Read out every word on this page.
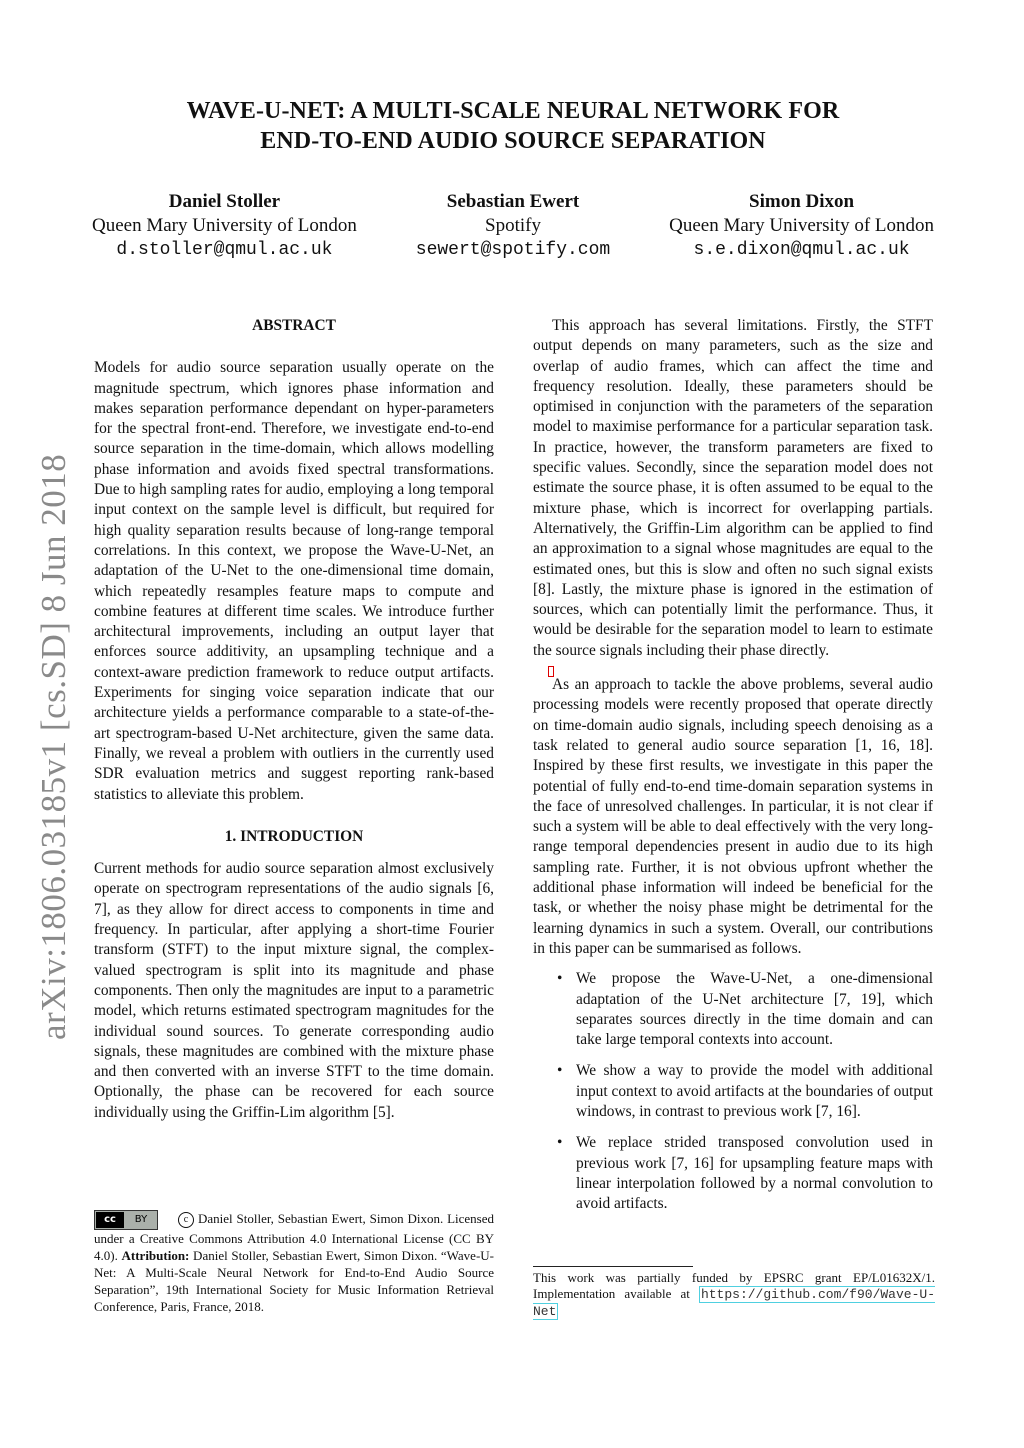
arXiv:1806.03185v1 [cs.SD] 8 Jun 2018
WAVE-U-NET: A MULTI-SCALE NEURAL NETWORK FOR
END-TO-END AUDIO SOURCE SEPARATION
Daniel Stoller
Queen Mary University of London
d.stoller@qmul.ac.uk
Sebastian Ewert
Spotify
sewert@spotify.com
Simon Dixon
Queen Mary University of London
s.e.dixon@qmul.ac.uk

ABSTRACT

Models for audio source separation usually operate on the magnitude spectrum, which ignores phase information and makes separation performance dependant on hyper-parameters for the spectral front-end. Therefore, we investigate end-to-end source separation in the time-domain, which allows modelling phase information and avoids fixed spectral transformations. Due to high sampling rates for audio, employing a long temporal input context on the sample level is difficult, but required for high quality separation results because of long-range temporal correlations. In this context, we propose the Wave-U-Net, an adaptation of the U-Net to the one-dimensional time domain, which repeatedly resamples feature maps to compute and combine features at different time scales. We introduce further architectural improvements, including an output layer that enforces source additivity, an upsampling technique and a context-aware prediction framework to reduce output artifacts. Experiments for singing voice separation indicate that our architecture yields a performance comparable to a state-of-the-art spectrogram-based U-Net architecture, given the same data. Finally, we reveal a problem with outliers in the currently used SDR evaluation metrics and suggest reporting rank-based statistics to alleviate this problem.

1. INTRODUCTION

Current methods for audio source separation almost exclusively operate on spectrogram representations of the audio signals [6, 7], as they allow for direct access to components in time and frequency. In particular, after applying a short-time Fourier transform (STFT) to the input mixture signal, the complex-valued spectrogram is split into its magnitude and phase components. Then only the magnitudes are input to a parametric model, which returns estimated spectrogram magnitudes for the individual sound sources. To generate corresponding audio signals, these magnitudes are combined with the mixture phase and then converted with an inverse STFT to the time domain. Optionally, the phase can be recovered for each source individually using the Griffin-Lim algorithm [5].

cc	BY	c Daniel Stoller, Sebastian Ewert, Simon Dixon. Licensed under a Creative Commons Attribution 4.0 International License (CC BY 4.0). Attribution: Daniel Stoller, Sebastian Ewert, Simon Dixon. “Wave-U-Net: A Multi-Scale Neural Network for End-to-End Audio Source Separation”, 19th International Society for Music Information Retrieval Conference, Paris, France, 2018.

This approach has several limitations. Firstly, the STFT output depends on many parameters, such as the size and overlap of audio frames, which can affect the time and frequency resolution. Ideally, these parameters should be optimised in conjunction with the parameters of the separation model to maximise performance for a particular separation task. In practice, however, the transform parameters are fixed to specific values. Secondly, since the separation model does not estimate the source phase, it is often assumed to be equal to the mixture phase, which is incorrect for overlapping partials. Alternatively, the Griffin-Lim algorithm can be applied to find an approximation to a signal whose magnitudes are equal to the estimated ones, but this is slow and often no such signal exists [8]. Lastly, the mixture phase is ignored in the estimation of sources, which can potentially limit the performance. Thus, it would be desirable for the separation model to learn to estimate the source signals including their phase directly.

As an approach to tackle the above problems, several audio processing models were recently proposed that operate directly on time-domain audio signals, including speech denoising as a task related to general audio source separation [1, 16, 18]. Inspired by these first results, we investigate in this paper the potential of fully end-to-end time-domain separation systems in the face of unresolved challenges. In particular, it is not clear if such a system will be able to deal effectively with the very long-range temporal dependencies present in audio due to its high sampling rate. Further, it is not obvious upfront whether the additional phase information will indeed be beneficial for the task, or whether the noisy phase might be detrimental for the learning dynamics in such a system. Overall, our contributions in this paper can be summarised as follows.

• We propose the Wave-U-Net, a one-dimensional adaptation of the U-Net architecture [7, 19], which separates sources directly in the time domain and can take large temporal contexts into account.
• We show a way to provide the model with additional input context to avoid artifacts at the boundaries of output windows, in contrast to previous work [7, 16].
• We replace strided transposed convolution used in previous work [7, 16] for upsampling feature maps with linear interpolation followed by a normal convolution to avoid artifacts.
This work was partially funded by EPSRC grant EP/L01632X/1. Implementation available at https://github.com/f90/Wave-U-Net
